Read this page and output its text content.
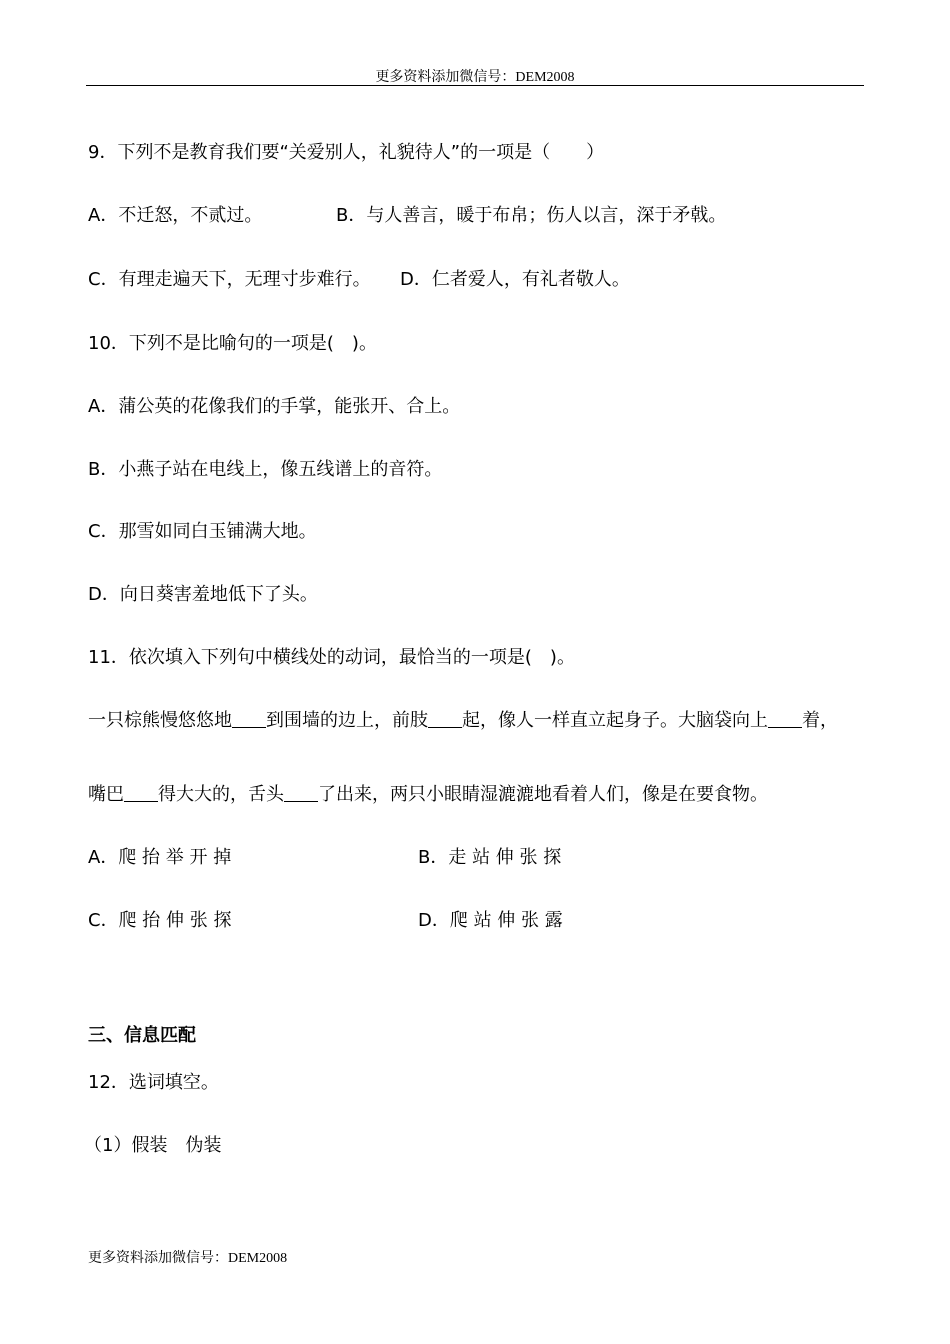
更多资料添加微信号：DEM2008
9．下列不是教育我们要“关爱别人，礼貌待人”的一项是（　　）
A．不迁怒，不贰过。	B．与人善言，暖于布帛；伤人以言，深于矛戟。
C．有理走遍天下，无理寸步难行。 D．仁者爱人，有礼者敬人。
10．下列不是比喻句的一项是(　)。
A．蒲公英的花像我们的手掌，能张开、合上。
B．小燕子站在电线上，像五线谱上的音符。
C．那雪如同白玉铺满大地。
D．向日葵害羞地低下了头。
11．依次填入下列句中横线处的动词，最恰当的一项是(　)。
一只棕熊慢悠悠地 到围墙的边上，前肢 起，像人一样直立起身子。大脑袋向上 着，
嘴巴 得大大的，舌头 了出来，两只小眼睛湿漉漉地看着人们，像是在要食物。
A．爬 抬 举 开 掉	B．走 站 伸 张 探
C．爬 抬 伸 张 探	D．爬 站 伸 张 露
三、信息匹配
12．选词填空。
（1）假装　伪装
更多资料添加微信号：DEM2008
